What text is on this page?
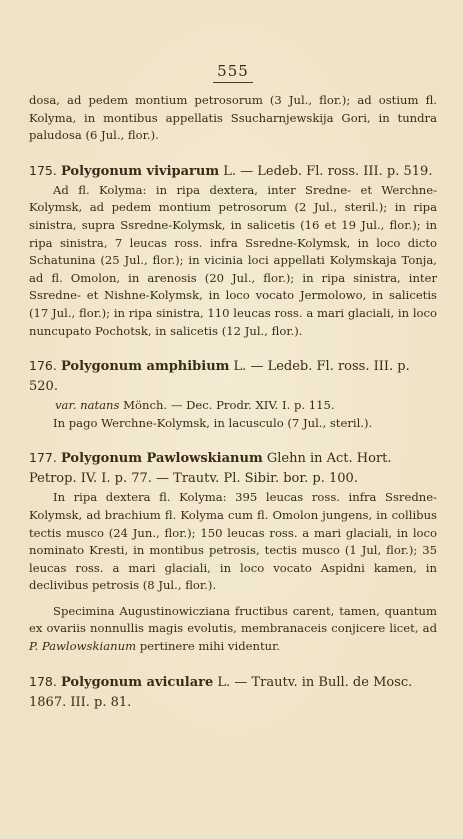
555

dosa, ad pedem montium petrosorum (3 Jul., flor.); ad ostium fl. Kolyma, in montibus appellatis Ssucharnjewskija Gori, in tundra paludosa (6 Jul., flor.).

175. Polygonum viviparum L. — Ledeb. Fl. ross. III. p. 519.

Ad fl. Kolyma: in ripa dextera, inter Sredne- et Werchne-Kolymsk, ad pedem montium petrosorum (2 Jul., steril.); in ripa sinistra, supra Ssredne-Kolymsk, in salicetis (16 et 19 Jul., flor.); in ripa sinistra, 7 leucas ross. infra Ssredne-Kolymsk, in loco dicto Schatunina (25 Jul., flor.); in vicinia loci appellati Kolymskaja Tonja, ad fl. Omolon, in arenosis (20 Jul., flor.); in ripa sinistra, inter Ssredne- et Nishne-Kolymsk, in loco vocato Jermolowo, in salicetis (17 Jul., flor.); in ripa sinistra, 110 leucas ross. a mari glaciali, in loco nuncupato Pochotsk, in salicetis (12 Jul., flor.).

176. Polygonum amphibium L. — Ledeb. Fl. ross. III. p. 520.

var. natans Mönch. — Dec. Prodr. XIV. I. p. 115.

In pago Werchne-Kolymsk, in lacusculo (7 Jul., steril.).

177. Polygonum Pawlowskianum Glehn in Act. Hort. Petrop. IV. I. p. 77. — Trautv. Pl. Sibir. bor. p. 100.

In ripa dextera fl. Kolyma: 395 leucas ross. infra Ssredne-Kolymsk, ad brachium fl. Kolyma cum fl. Omolon jungens, in collibus tectis musco (24 Jun., flor.); 150 leucas ross. a mari glaciali, in loco nominato Kresti, in montibus petrosis, tectis musco (1 Jul, flor.); 35 leucas ross. a mari glaciali, in loco vocato Aspidni kamen, in declivibus petrosis (8 Jul., flor.).

Specimina Augustinowicziana fructibus carent, tamen, quantum ex ovariis nonnullis magis evolutis, membranaceis conjicere licet, ad P. Pawlowskianum pertinere mihi videntur.

178. Polygonum aviculare L. — Trautv. in Bull. de Mosc. 1867. III. p. 81.
